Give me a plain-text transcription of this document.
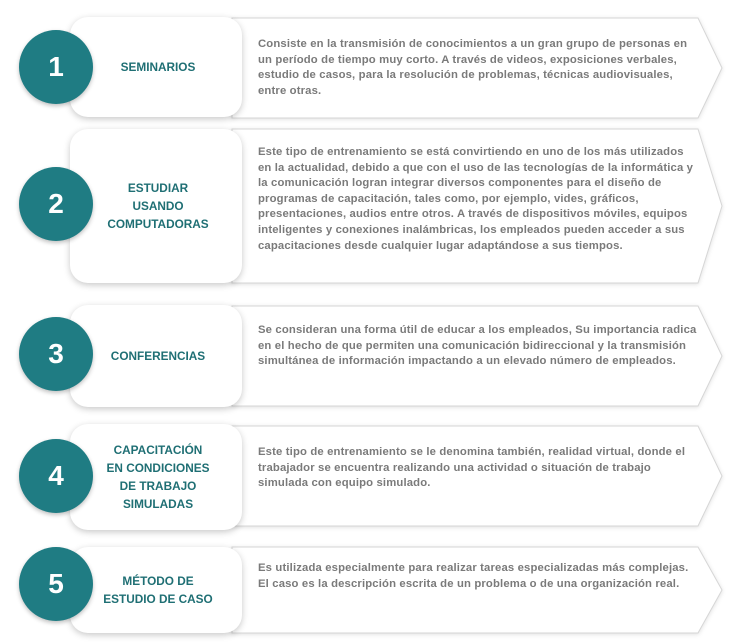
Consiste en la transmisión de conocimientos a un gran grupo de personas en un período de tiempo muy corto. A través de videos, exposiciones verbales, estudio de casos, para la resolución de problemas, técnicas audiovisuales, entre otras.
SEMINARIOS
1
Este tipo de entrenamiento se está convirtiendo en uno de los más utilizados en la actualidad, debido a que con el uso de las tecnologías de la informática y la comunicación logran integrar diversos componentes para el diseño de programas de capacitación, tales como, por ejemplo, vides, gráficos, presentaciones, audios entre otros. A través de dispositivos móviles, equipos inteligentes y conexiones inalámbricas, los empleados pueden acceder a sus capacitaciones desde cualquier lugar adaptándose a sus tiempos.
ESTUDIAR
USANDO
COMPUTADORAS
2
Se consideran una forma útil de educar a los empleados, Su importancia radica en el hecho de que permiten una comunicación bidireccional y la transmisión simultánea de información impactando a un elevado número de empleados.
CONFERENCIAS
3
Este tipo de entrenamiento se le denomina también, realidad virtual, donde el trabajador se encuentra realizando una actividad o situación de trabajo simulada con equipo simulado.
CAPACITACIÓN
EN CONDICIONES
DE TRABAJO
SIMULADAS
4
Es utilizada especialmente para realizar tareas especializadas más complejas. El caso es la descripción escrita de un problema o de una organización real.
MÉTODO DE
ESTUDIO DE CASO
5
